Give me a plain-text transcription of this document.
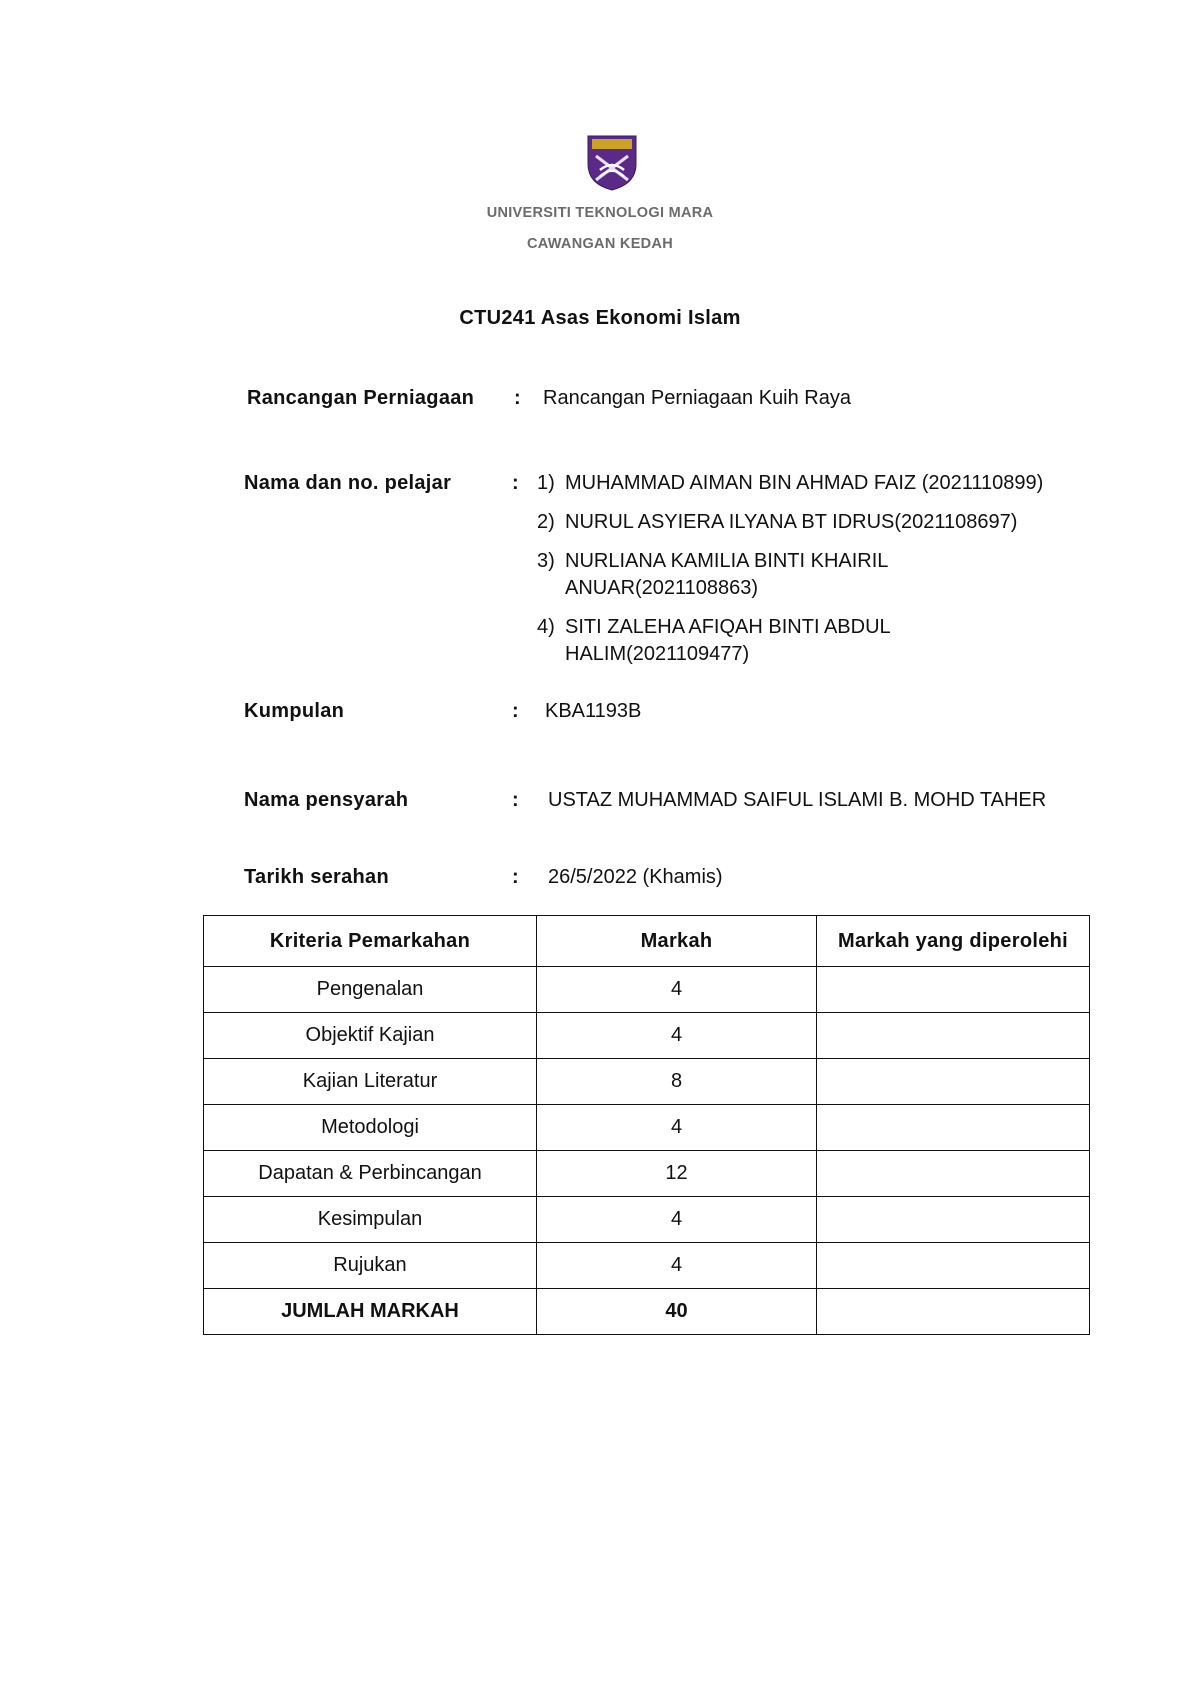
UNIVERSITI TEKNOLOGI MARA
CAWANGAN KEDAH
CTU241 Asas Ekonomi Islam
Rancangan Perniagaan : Rancangan Perniagaan Kuih Raya
Nama dan no. pelajar	: 1) MUHAMMAD AIMAN BIN AHMAD FAIZ (2021110899)
2) NURUL ASYIERA ILYANA BT IDRUS(2021108697)
3) NURLIANA KAMILIA BINTI KHAIRIL ANUAR(2021108863)
4) SITI ZALEHA AFIQAH BINTI ABDUL HALIM(2021109477)
Kumpulan	: KBA1193B
Nama pensyarah	: USTAZ MUHAMMAD SAIFUL ISLAMI B. MOHD TAHER
Tarikh serahan	: 26/5/2022 (Khamis)
Kriteria Pemarkahan	Markah	Markah yang diperolehi
Pengenalan	4	
Objektif Kajian	4	
Kajian Literatur	8	
Metodologi	4	
Dapatan & Perbincangan	12	
Kesimpulan	4	
Rujukan	4	
JUMLAH MARKAH	40	
